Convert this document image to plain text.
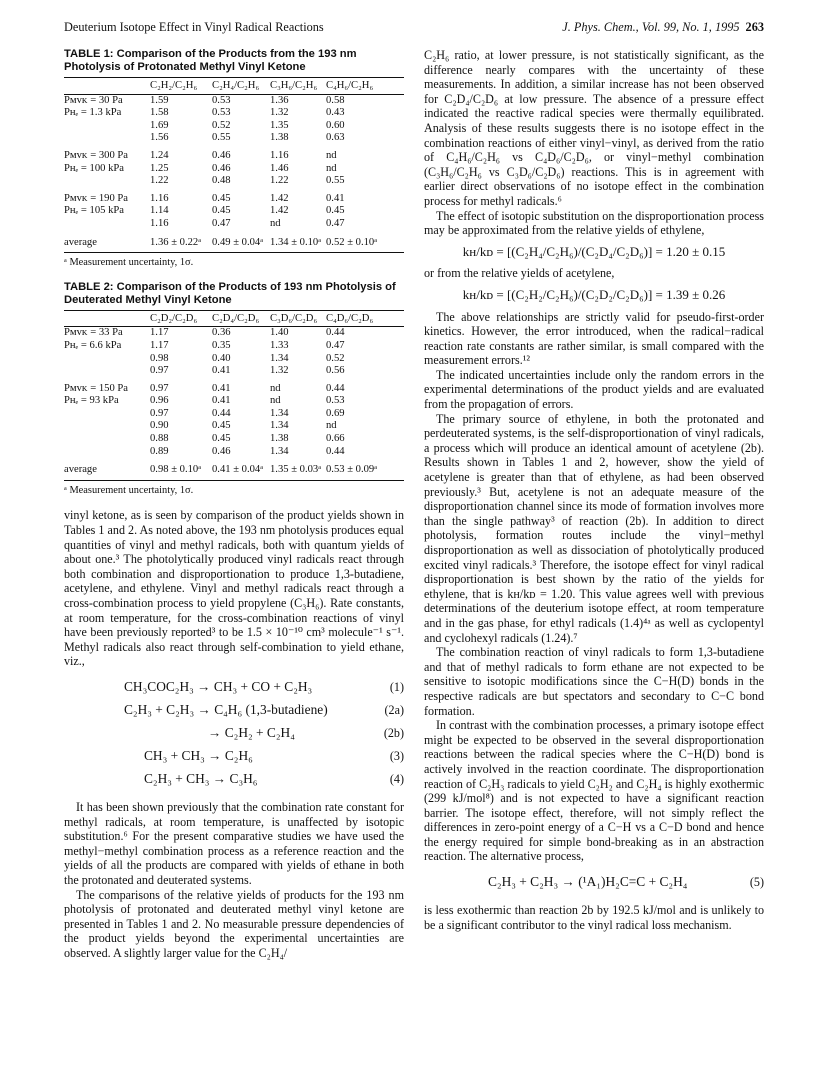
Deuterium Isotope Effect in Vinyl Radical Reactions	J. Phys. Chem., Vol. 99, No. 1, 1995 263
TABLE 1: Comparison of the Products from the 193 nm Photolysis of Protonated Methyl Vinyl Ketone
	C₂H₂/C₂H₆	C₂H₄/C₂H₆	C₃H₆/C₂H₆	C₄H₆/C₂H₆
Pᴍᴠᴋ = 30 Pa	1.59	0.53	1.36	0.58
Pʜₑ = 1.3 kPa	1.58	0.53	1.32	0.43
	1.69	0.52	1.35	0.60
	1.56	0.55	1.38	0.63
Pᴍᴠᴋ = 300 Pa	1.24	0.46	1.16	nd
Pʜₑ = 100 kPa	1.25	0.46	1.46	nd
	1.22	0.48	1.22	0.55
Pᴍᴠᴋ = 190 Pa	1.16	0.45	1.42	0.41
Pʜₑ = 105 kPa	1.14	0.45	1.42	0.45
	1.16	0.47	nd	0.47
average	1.36 ± 0.22ᵃ	0.49 ± 0.04ᵃ	1.34 ± 0.10ᵃ	0.52 ± 0.10ᵃ
ᵃ Measurement uncertainty, 1σ.
TABLE 2: Comparison of the Products of 193 nm Photolysis of Deuterated Methyl Vinyl Ketone
	C₂D₂/C₂D₆	C₂D₄/C₂D₆	C₃D₆/C₂D₆	C₄D₆/C₂D₆
Pᴍᴠᴋ = 33 Pa	1.17	0.36	1.40	0.44
Pʜₑ = 6.6 kPa	1.17	0.35	1.33	0.47
	0.98	0.40	1.34	0.52
	0.97	0.41	1.32	0.56
Pᴍᴠᴋ = 150 Pa	0.97	0.41	nd	0.44
Pʜₑ = 93 kPa	0.96	0.41	nd	0.53
	0.97	0.44	1.34	0.69
	0.90	0.45	1.34	nd
	0.88	0.45	1.38	0.66
	0.89	0.46	1.34	0.44
average	0.98 ± 0.10ᵃ	0.41 ± 0.04ᵃ	1.35 ± 0.03ᵃ	0.53 ± 0.09ᵃ
ᵃ Measurement uncertainty, 1σ.

vinyl ketone, as is seen by comparison of the product yields shown in Tables 1 and 2. As noted above, the 193 nm photolysis produces equal quantities of vinyl and methyl radicals, both with quantum yields of about one.³ The photolytically produced vinyl radicals react through both combination and disproportionation to produce 1,3-butadiene, acetylene, and ethylene. Vinyl and methyl radicals react through a cross-combination process to yield propylene (C₃H₆). Rate constants, at room temperature, for the cross-combination reactions of vinyl have been previously reported³ to be 1.5 × 10⁻¹⁰ cm³ molecule⁻¹ s⁻¹. Methyl radicals also react through self-combination to yield ethane, viz.,

CH₃COC₂H₃ → CH₃ + CO + C₂H₃	(1)
C₂H₃ + C₂H₃ → C₄H₆ (1,3-butadiene)	(2a)
→ C₂H₂ + C₂H₄	(2b)
CH₃ + CH₃ → C₂H₆	(3)
C₂H₃ + CH₃ → C₃H₆	(4)

It has been shown previously that the combination rate constant for methyl radicals, at room temperature, is unaffected by isotopic substitution.⁶ For the present comparative studies we have used the methyl−methyl combination process as a reference reaction and the yields of all the products are compared with yields of ethane in both the protonated and deuterated systems.

The comparisons of the relative yields of products for the 193 nm photolysis of protonated and deuterated methyl vinyl ketone are presented in Tables 1 and 2. No measurable pressure dependencies of the product yields beyond the experimental uncertainties are observed. A slightly larger value for the C₂H₄/

C₂H₆ ratio, at lower pressure, is not statistically significant, as the difference nearly compares with the uncertainty of these measurements. In addition, a similar increase has not been observed for C₂D₄/C₂D₆ at low pressure. The absence of a pressure effect indicated the reactive radical species were thermally equilibrated. Analysis of these results suggests there is no isotope effect in the combination reactions of either vinyl−vinyl, as derived from the ratio of C₄H₆/C₂H₆ vs C₄D₆/C₂D₆, or vinyl−methyl combination (C₃H₆/C₂H₆ vs C₃D₆/C₂D₆) reactions. This is in agreement with earlier direct observations of no isotope effect in the combination process for methyl radicals.⁶

The effect of isotopic substitution on the disproportionation process may be approximated from the relative yields of ethylene,

kʜ/kᴅ = [(C₂H₄/C₂H₆)/(C₂D₄/C₂D₆)] = 1.20 ± 0.15

or from the relative yields of acetylene,

kʜ/kᴅ = [(C₂H₂/C₂H₆)/(C₂D₂/C₂D₆)] = 1.39 ± 0.26

The above relationships are strictly valid for pseudo-first-order kinetics. However, the error introduced, when the radical−radical reaction rate constants are rather similar, is small compared with the measurement errors.¹²

The indicated uncertainties include only the random errors in the experimental determinations of the product yields and are evaluated from the propagation of errors.

The primary source of ethylene, in both the protonated and perdeuterated systems, is the self-disproportionation of vinyl radicals, a process which will produce an identical amount of acetylene (2b). Results shown in Tables 1 and 2, however, show the yield of acetylene is greater than that of ethylene, as had been observed previously.³ But, acetylene is not an adequate measure of the disproportionation channel since its mode of formation involves more than the single pathway³ of reaction (2b). In addition to direct photolysis, formation routes include the vinyl−methyl disproportionation as well as dissociation of photolytically produced excited vinyl radicals.³ Therefore, the isotope effect for vinyl radical disproportionation is best shown by the ratio of the yields for ethylene, that is kʜ/kᴅ = 1.20. This value agrees well with previous determinations of the deuterium isotope effect, at room temperature and in the gas phase, for ethyl radicals (1.4)⁴ᵃ as well as cyclopentyl and cyclohexyl radicals (1.24).⁷

The combination reaction of vinyl radicals to form 1,3-butadiene and that of methyl radicals to form ethane are not expected to be sensitive to isotopic modifications since the C−H(D) bonds in the respective radicals are but spectators and secondary to C−C bond formation.

In contrast with the combination processes, a primary isotope effect might be expected to be observed in the several disproportionation reactions between the radical species where the C−H(D) bond is actively involved in the reaction coordinate. The disproportionation reaction of C₂H₃ radicals to yield C₂H₂ and C₂H₄ is highly exothermic (299 kJ/mol⁸) and is not expected to have a significant reaction barrier. The isotope effect, therefore, will not simply reflect the differences in zero-point energy of a C−H vs a C−D bond and hence the energy required for simple bond-breaking as in an abstraction reaction. The alternative process,

C₂H₃ + C₂H₃ → (¹A₁)H₂C=C + C₂H₄	(5)

is less exothermic than reaction 2b by 192.5 kJ/mol and is unlikely to be a significant contributor to the vinyl radical loss mechanism.
